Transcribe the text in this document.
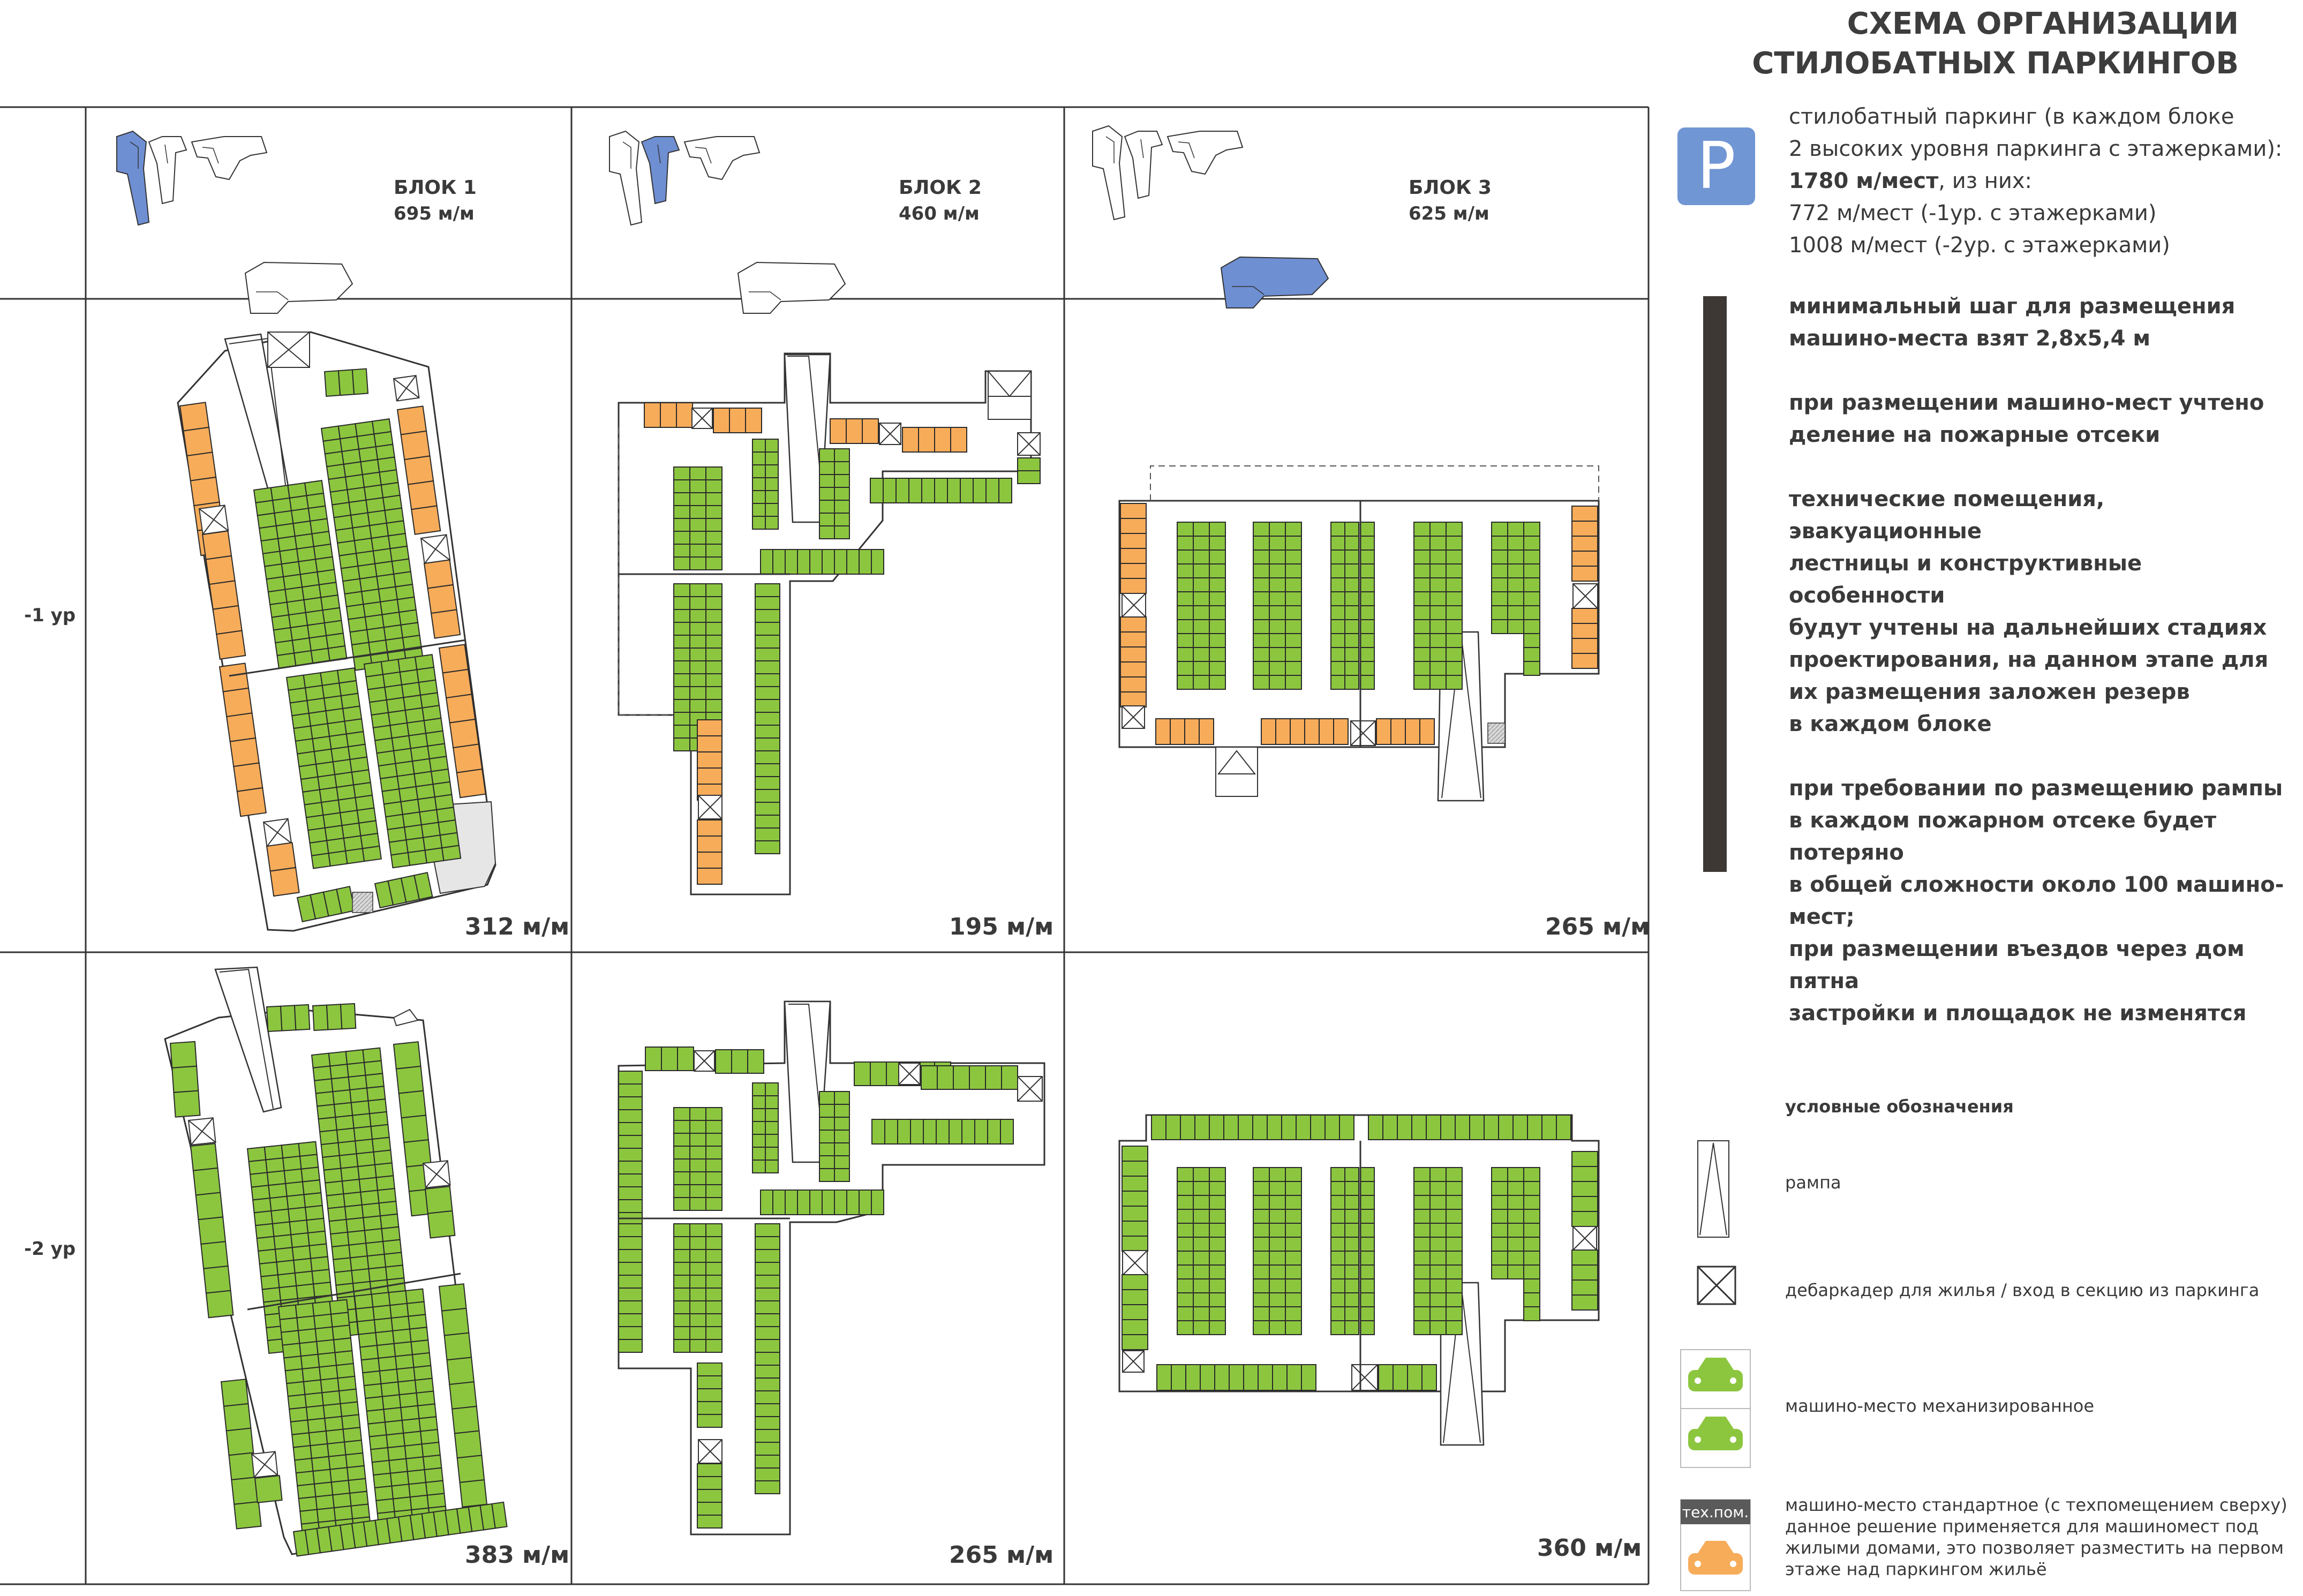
СХЕМА ОРГАНИЗАЦИИ
СТИЛОБАТНЫХ ПАРКИНГОВ
БЛОК 1
695 м/м
БЛОК 2
460 м/м
БЛОК 3
625 м/м
-1 ур
-2 ур
312 м/м	195 м/м	265 м/м
383 м/м	265 м/м	360 м/м
P
стилобатный паркинг (в каждом блоке
2 высоких уровня паркинга с этажерками):
1780 м/мест, из них:
772 м/мест (-1ур. с этажерками)
1008 м/мест (-2ур. с этажерками)
минимальный шаг для размещения
машино-места взят 2,8х5,4 м
при размещении машино-мест учтено
деление на пожарные отсеки
технические помещения, эвакуационные
лестницы и конструктивные особенности
будут учтены на дальнейших стадиях
проектирования, на данном этапе для
их размещения заложен резерв
в каждом блоке
при требовании по размещению рампы
в каждом пожарном отсеке будет потеряно
в общей сложности около 100 машино-мест;
при размещении въездов через дом пятна
застройки и площадок не изменятся
условные обозначения
рампа
дебаркадер для жилья / вход в секцию из паркинга
машино-место механизированное
машино-место стандартное (с техпомещением сверху)
данное решение применяется для машиномест под
жилыми домами, это позволяет разместить на первом
этаже над паркингом жильё
тех.пом.
